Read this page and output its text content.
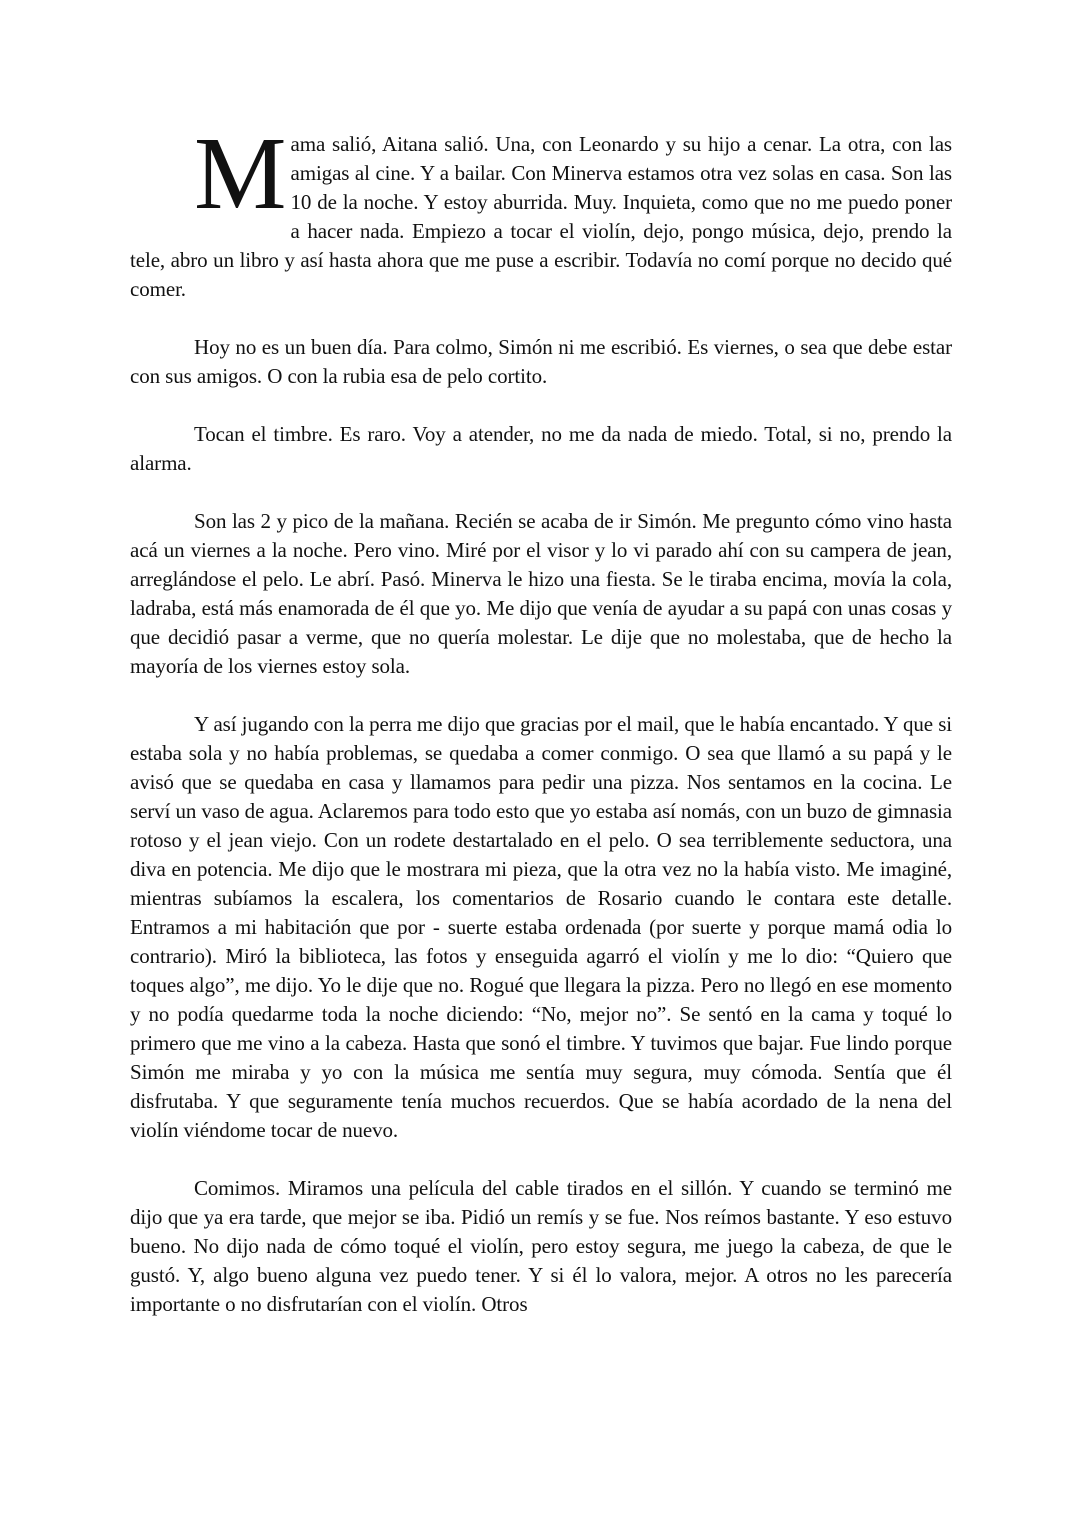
Mama salió, Aitana salió. Una, con Leonardo y su hijo a cenar. La otra, con las amigas al cine. Y a bailar. Con Minerva estamos otra vez solas en casa. Son las 10 de la noche. Y estoy aburrida. Muy. Inquieta, como que no me puedo poner a hacer nada. Empiezo a tocar el violín, dejo, pongo música, dejo, prendo la tele, abro un libro y así hasta ahora que me puse a escribir. Todavía no comí porque no decido qué comer.

Hoy no es un buen día. Para colmo, Simón ni me escribió. Es viernes, o sea que debe estar con sus amigos. O con la rubia esa de pelo cortito.

Tocan el timbre. Es raro. Voy a atender, no me da nada de miedo. Total, si no, prendo la alarma.

Son las 2 y pico de la mañana. Recién se acaba de ir Simón. Me pregunto cómo vino hasta acá un viernes a la noche. Pero vino. Miré por el visor y lo vi parado ahí con su campera de jean, arreglándose el pelo. Le abrí. Pasó. Minerva le hizo una fiesta. Se le tiraba encima, movía la cola, ladraba, está más enamorada de él que yo. Me dijo que venía de ayudar a su papá con unas cosas y que decidió pasar a verme, que no quería molestar. Le dije que no molestaba, que de hecho la mayoría de los viernes estoy sola.

Y así jugando con la perra me dijo que gracias por el mail, que le había encantado. Y que si estaba sola y no había problemas, se quedaba a comer conmigo. O sea que llamó a su papá y le avisó que se quedaba en casa y llamamos para pedir una pizza. Nos sentamos en la cocina. Le serví un vaso de agua. Aclaremos para todo esto que yo estaba así nomás, con un buzo de gimnasia rotoso y el jean viejo. Con un rodete destartalado en el pelo. O sea terriblemente seductora, una diva en potencia. Me dijo que le mostrara mi pieza, que la otra vez no la había visto. Me imaginé, mientras subíamos la escalera, los comentarios de Rosario cuando le contara este detalle. Entramos a mi habitación que por - suerte estaba ordenada (por suerte y porque mamá odia lo contrario). Miró la biblioteca, las fotos y enseguida agarró el violín y me lo dio: “Quiero que toques algo”, me dijo. Yo le dije que no. Rogué que llegara la pizza. Pero no llegó en ese momento y no podía quedarme toda la noche diciendo: “No, mejor no”. Se sentó en la cama y toqué lo primero que me vino a la cabeza. Hasta que sonó el timbre. Y tuvimos que bajar. Fue lindo porque Simón me miraba y yo con la música me sentía muy segura, muy cómoda. Sentía que él disfrutaba. Y que seguramente tenía muchos recuerdos. Que se había acordado de la nena del violín viéndome tocar de nuevo.

Comimos. Miramos una película del cable tirados en el sillón. Y cuando se terminó me dijo que ya era tarde, que mejor se iba. Pidió un remís y se fue. Nos reímos bastante. Y eso estuvo bueno. No dijo nada de cómo toqué el violín, pero estoy segura, me juego la cabeza, de que le gustó. Y, algo bueno alguna vez puedo tener. Y si él lo valora, mejor. A otros no les parecería importante o no disfrutarían con el violín. Otros
